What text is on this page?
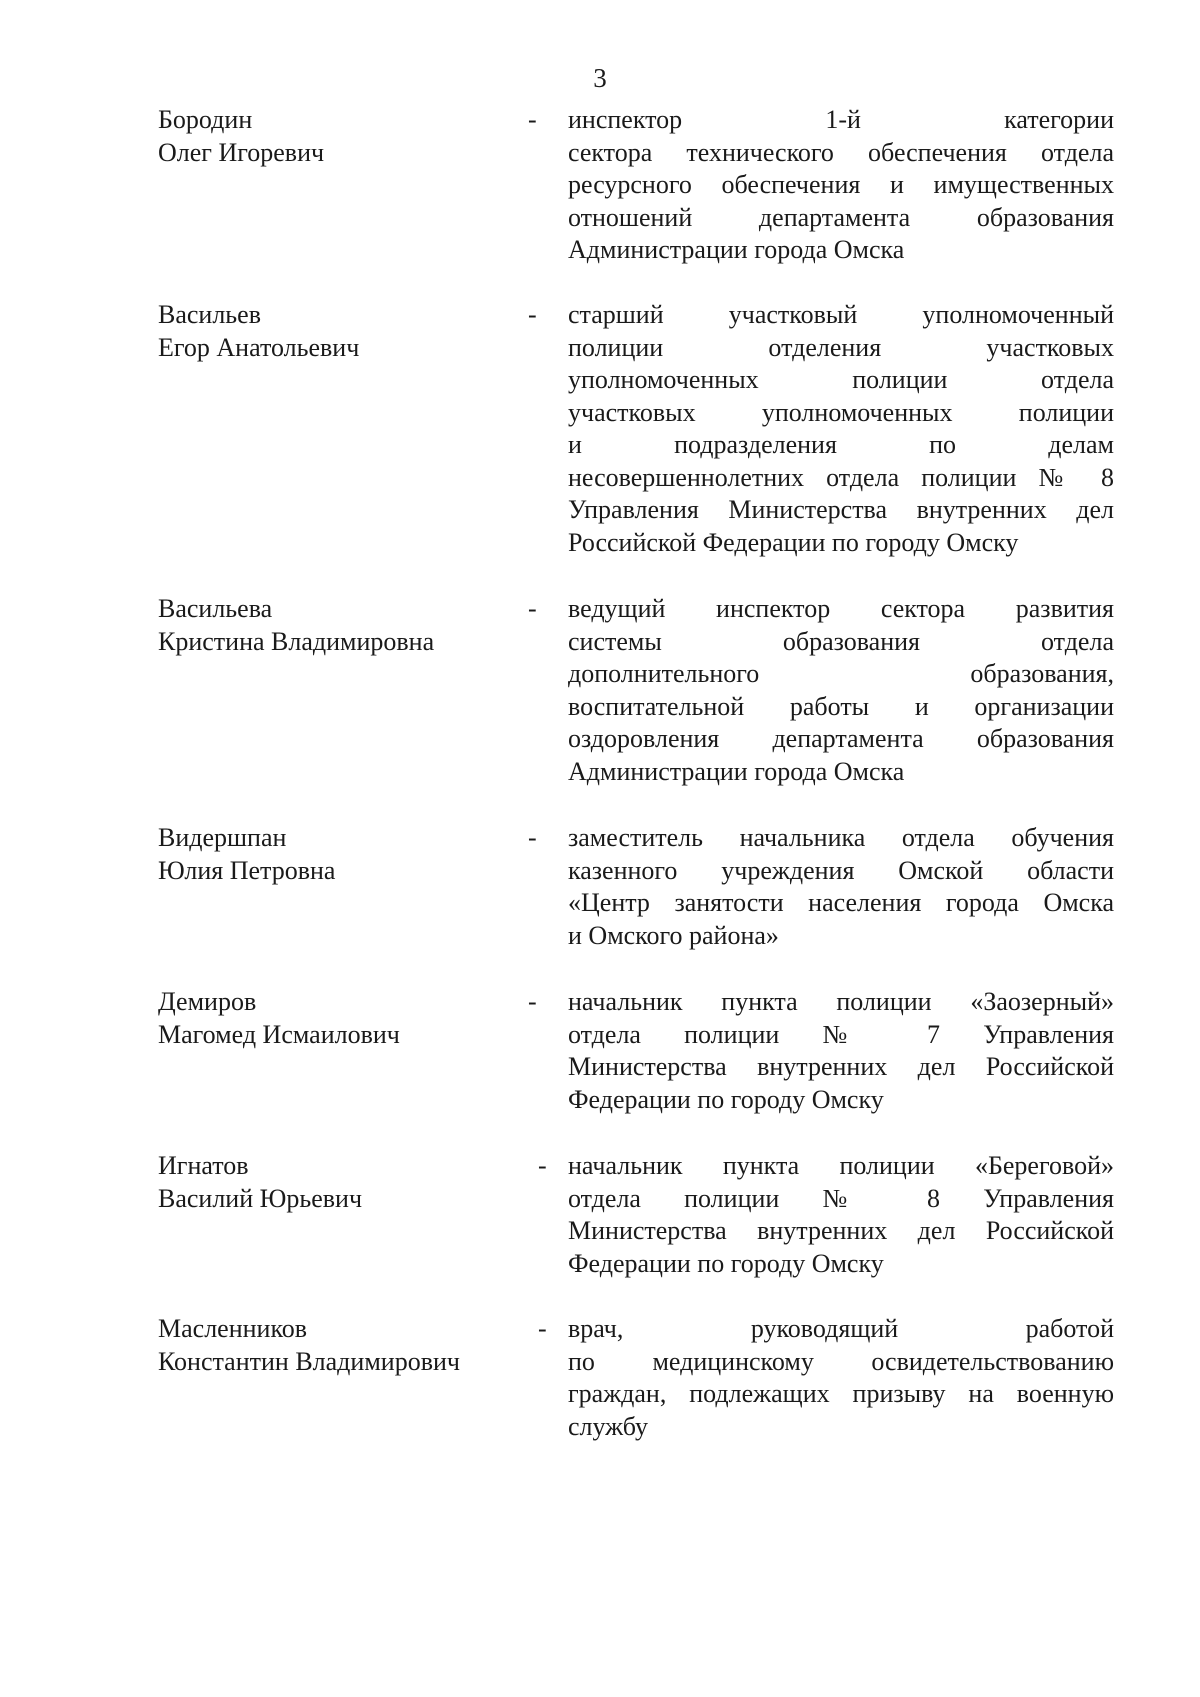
3
Бородин
Олег Игоревич
- инспектор 1-й категории
сектора технического обеспечения отдела
ресурсного обеспечения и имущественных
отношений департамента образования
Администрации города Омска
Васильев
Егор Анатольевич
- старший участковый уполномоченный
полиции отделения участковых
уполномоченных полиции отдела
участковых уполномоченных полиции
и подразделения по делам
несовершеннолетних отдела полиции № 8
Управления Министерства внутренних дел
Российской Федерации по городу Омску
Васильева
Кристина Владимировна
- ведущий инспектор сектора развития
системы образования отдела
дополнительного образования,
воспитательной работы и организации
оздоровления департамента образования
Администрации города Омска
Видершпан
Юлия Петровна
- заместитель начальника отдела обучения
казенного учреждения Омской области
«Центр занятости населения города Омска
и Омского района»
Демиров
Магомед Исмаилович
- начальник пункта полиции «Заозерный»
отдела полиции № 7 Управления
Министерства внутренних дел Российской
Федерации по городу Омску
Игнатов
Василий Юрьевич
- начальник пункта полиции «Береговой»
отдела полиции № 8 Управления
Министерства внутренних дел Российской
Федерации по городу Омску
Масленников
Константин Владимирович
- врач, руководящий работой
по медицинскому освидетельствованию
граждан, подлежащих призыву на военную
службу
